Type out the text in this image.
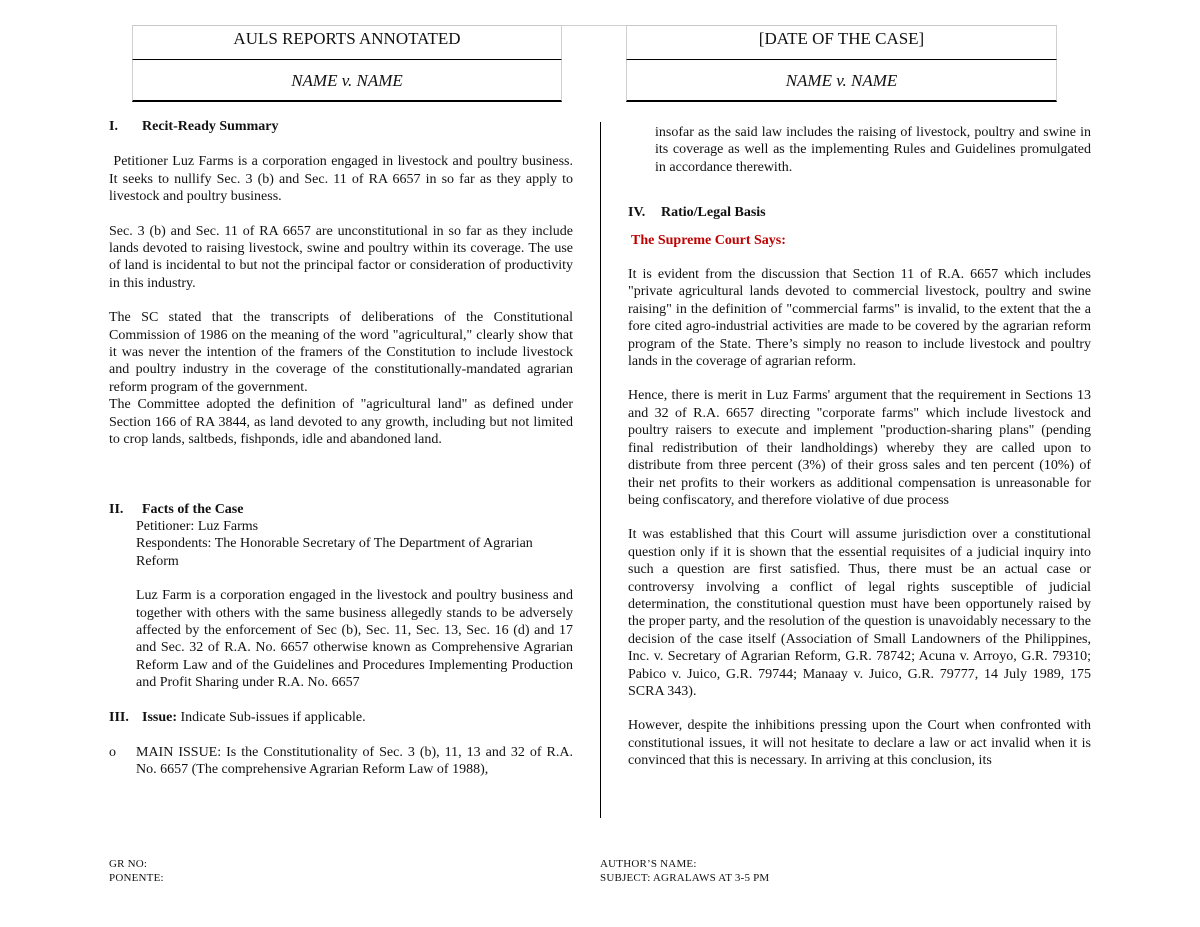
AULS REPORTS ANNOTATED	[DATE OF THE CASE]
NAME v. NAME	NAME v. NAME
I.	Recit-Ready Summary

Petitioner Luz Farms is a corporation engaged in livestock and poultry business. It seeks to nullify Sec. 3 (b) and Sec. 11 of RA 6657 in so far as they apply to livestock and poultry business.

Sec. 3 (b) and Sec. 11 of RA 6657 are unconstitutional in so far as they include lands devoted to raising livestock, swine and poultry within its coverage. The use of land is incidental to but not the principal factor or consideration of productivity in this industry.

The SC stated that the transcripts of deliberations of the Constitutional Commission of 1986 on the meaning of the word "agricultural," clearly show that it was never the intention of the framers of the Constitution to include livestock and poultry industry in the coverage of the constitutionally-mandated agrarian reform program of the government.

The Committee adopted the definition of "agricultural land" as defined under Section 166 of RA 3844, as land devoted to any growth, including but not limited to crop lands, saltbeds, fishponds, idle and abandoned land.

II.	Facts of the Case

Petitioner: Luz Farms

Respondents: The Honorable Secretary of The Department of Agrarian Reform

Luz Farm is a corporation engaged in the livestock and poultry business and together with others with the same business allegedly stands to be adversely affected by the enforcement of Sec (b), Sec. 11, Sec. 13, Sec. 16 (d) and 17 and Sec. 32 of R.A. No. 6657 otherwise known as Comprehensive Agrarian Reform Law and of the Guidelines and Procedures Implementing Production and Profit Sharing under R.A. No. 6657

III. Issue: Indicate Sub-issues if applicable.
o	MAIN ISSUE: Is the Constitutionality of Sec. 3 (b), 11, 13 and 32 of R.A. No. 6657 (The comprehensive Agrarian Reform Law of 1988),

insofar as the said law includes the raising of livestock, poultry and swine in its coverage as well as the implementing Rules and Guidelines promulgated in accordance therewith.

IV.	Ratio/Legal Basis
The Supreme Court Says:

It is evident from the discussion that Section 11 of R.A. 6657 which includes "private agricultural lands devoted to commercial livestock, poultry and swine raising" in the definition of "commercial farms" is invalid, to the extent that the a fore cited agro-industrial activities are made to be covered by the agrarian reform program of the State. There’s simply no reason to include livestock and poultry lands in the coverage of agrarian reform.

Hence, there is merit in Luz Farms' argument that the requirement in Sections 13 and 32 of R.A. 6657 directing "corporate farms" which include livestock and poultry raisers to execute and implement "production-sharing plans" (pending final redistribution of their landholdings) whereby they are called upon to distribute from three percent (3%) of their gross sales and ten percent (10%) of their net profits to their workers as additional compensation is unreasonable for being confiscatory, and therefore violative of due process

It was established that this Court will assume jurisdiction over a constitutional question only if it is shown that the essential requisites of a judicial inquiry into such a question are first satisfied. Thus, there must be an actual case or controversy involving a conflict of legal rights susceptible of judicial determination, the constitutional question must have been opportunely raised by the proper party, and the resolution of the question is unavoidably necessary to the decision of the case itself (Association of Small Landowners of the Philippines, Inc. v. Secretary of Agrarian Reform, G.R. 78742; Acuna v. Arroyo, G.R. 79310; Pabico v. Juico, G.R. 79744; Manaay v. Juico, G.R. 79777, 14 July 1989, 175 SCRA 343).

However, despite the inhibitions pressing upon the Court when confronted with constitutional issues, it will not hesitate to declare a law or act invalid when it is convinced that this is necessary. In arriving at this conclusion, its

GR NO:
PONENTE:
AUTHOR’S NAME:
SUBJECT: AGRALAWS AT 3-5 PM
